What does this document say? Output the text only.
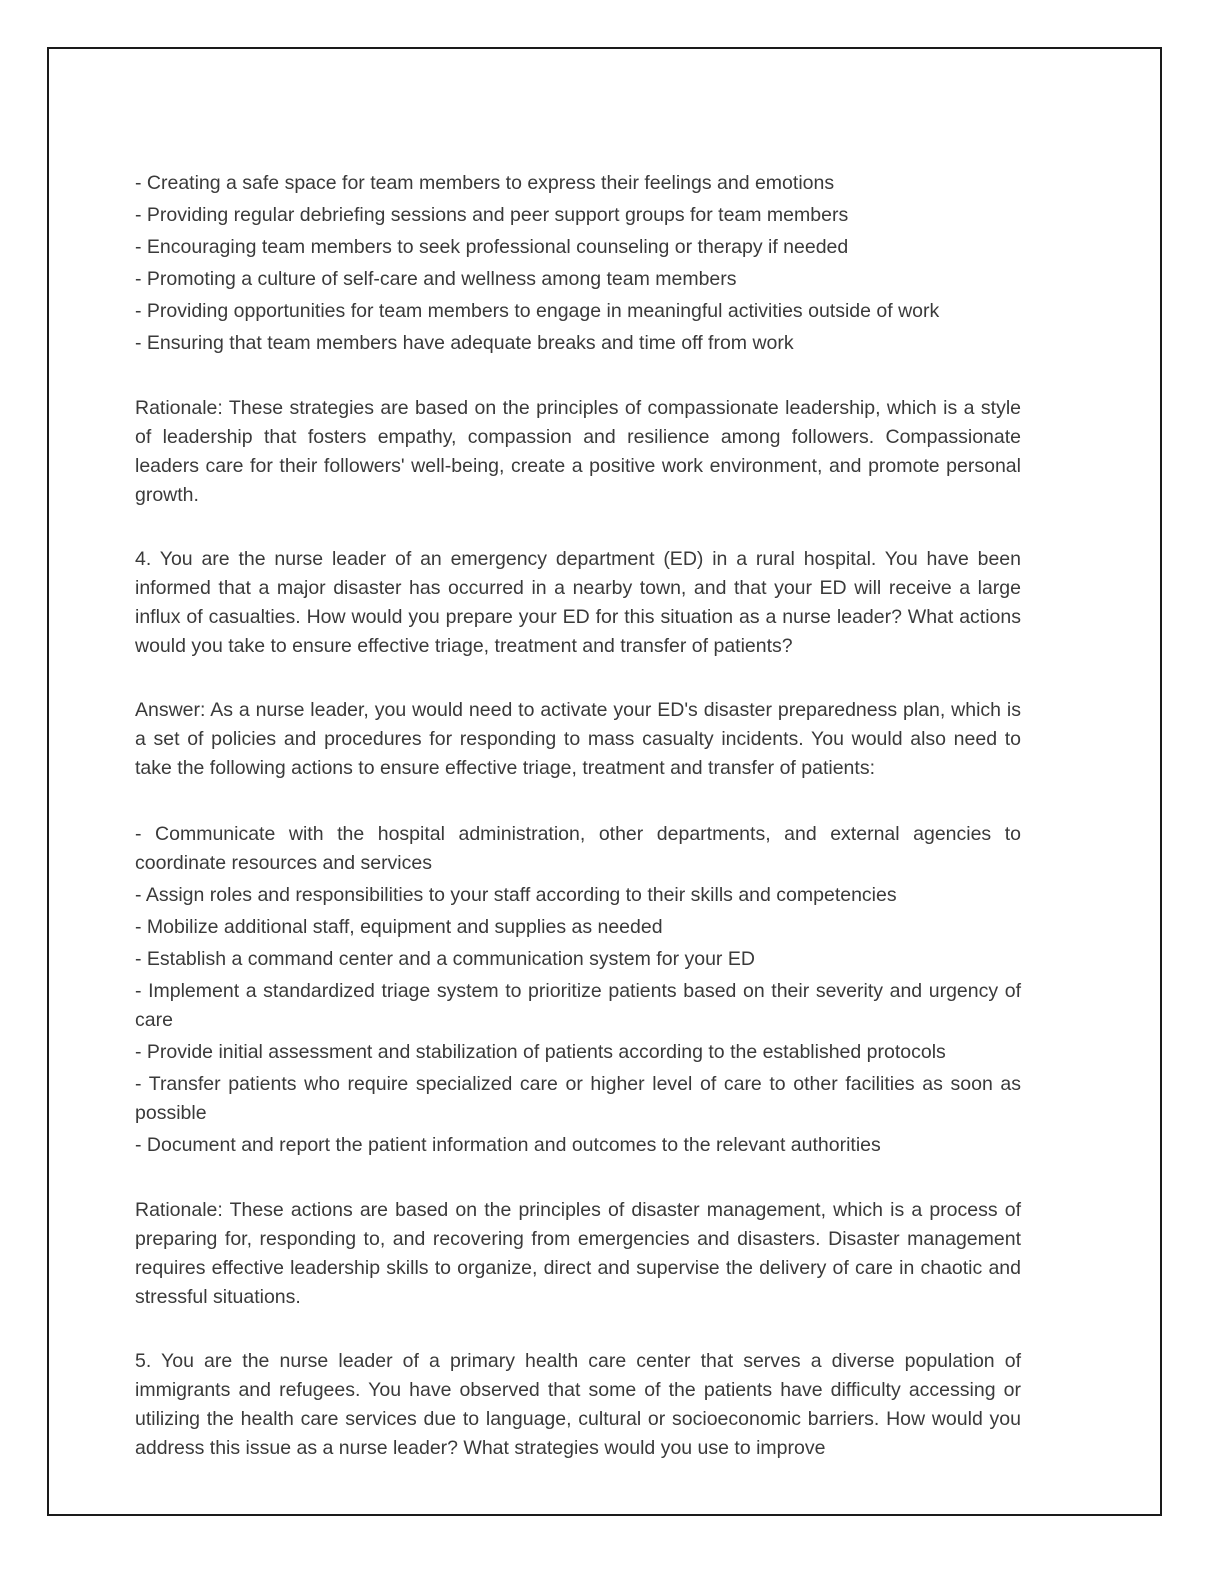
- Creating a safe space for team members to express their feelings and emotions

- Providing regular debriefing sessions and peer support groups for team members

- Encouraging team members to seek professional counseling or therapy if needed

- Promoting a culture of self-care and wellness among team members

- Providing opportunities for team members to engage in meaningful activities outside of work

- Ensuring that team members have adequate breaks and time off from work

Rationale: These strategies are based on the principles of compassionate leadership, which is a style of leadership that fosters empathy, compassion and resilience among followers. Compassionate leaders care for their followers' well-being, create a positive work environment, and promote personal growth.

4. You are the nurse leader of an emergency department (ED) in a rural hospital. You have been informed that a major disaster has occurred in a nearby town, and that your ED will receive a large influx of casualties. How would you prepare your ED for this situation as a nurse leader? What actions would you take to ensure effective triage, treatment and transfer of patients?

Answer: As a nurse leader, you would need to activate your ED's disaster preparedness plan, which is a set of policies and procedures for responding to mass casualty incidents. You would also need to take the following actions to ensure effective triage, treatment and transfer of patients:

- Communicate with the hospital administration, other departments, and external agencies to coordinate resources and services

- Assign roles and responsibilities to your staff according to their skills and competencies

- Mobilize additional staff, equipment and supplies as needed

- Establish a command center and a communication system for your ED

- Implement a standardized triage system to prioritize patients based on their severity and urgency of care

- Provide initial assessment and stabilization of patients according to the established protocols

- Transfer patients who require specialized care or higher level of care to other facilities as soon as possible

- Document and report the patient information and outcomes to the relevant authorities

Rationale: These actions are based on the principles of disaster management, which is a process of preparing for, responding to, and recovering from emergencies and disasters. Disaster management requires effective leadership skills to organize, direct and supervise the delivery of care in chaotic and stressful situations.

5. You are the nurse leader of a primary health care center that serves a diverse population of immigrants and refugees. You have observed that some of the patients have difficulty accessing or utilizing the health care services due to language, cultural or socioeconomic barriers. How would you address this issue as a nurse leader? What strategies would you use to improve
